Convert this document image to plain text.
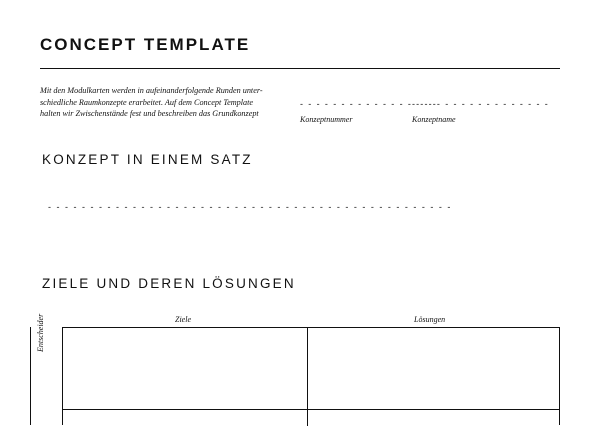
CONCEPT TEMPLATE
Mit den Modulkarten werden in aufeinanderfolgende Runden unter-schiedliche Raumkonzepte erarbeitet. Auf dem Concept Template halten wir Zwischenstände fest und beschreiben das Grundkonzept
- - - - - - - - - - - - - - - - -
Konzeptnummer
- - - - - - - - - - - - - - - - -
Konzeptname
KONZEPT IN EINEM SATZ
- - - - - - - - - - - - - - - - - - - - - - - - - - - - - - - - - - - - - - - - - - - - - - - -
ZIELE UND DEREN LÖSUNGEN
Ziele	Lösungen
Entscheider
